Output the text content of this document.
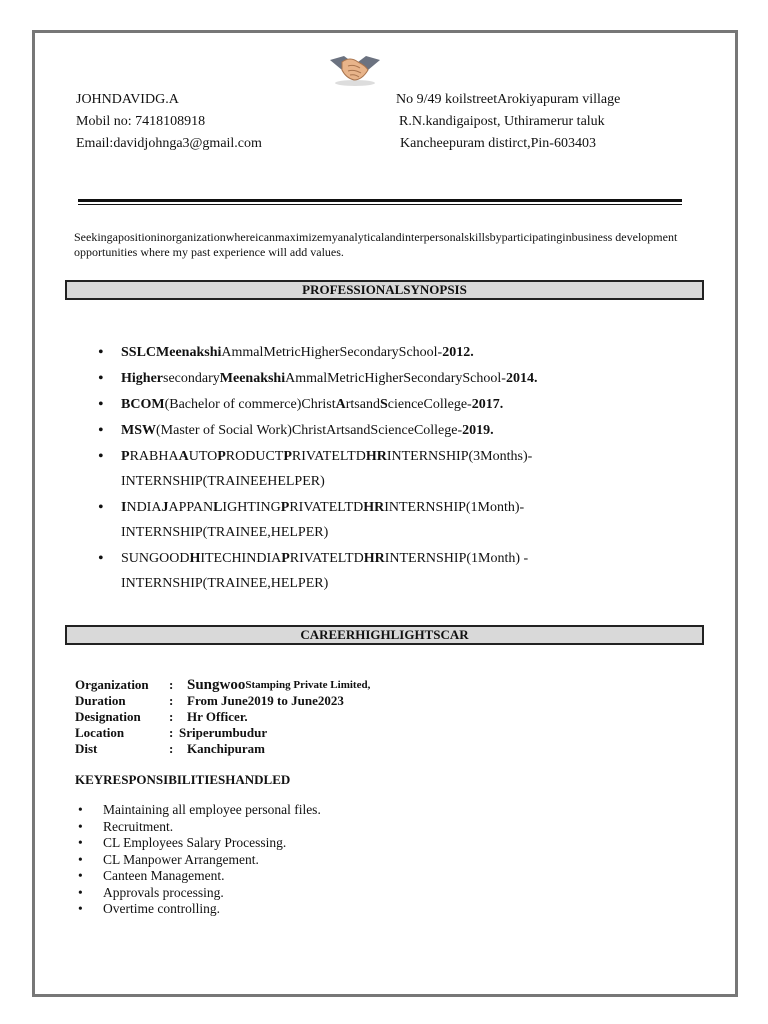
JOHNDAVIDG.A
Mobil no: 7418108918
Email:davidjohnga3@gmail.com
No 9/49 koilstreetArokiyapuram village
R.N.kandigaipost, Uthiramerur taluk
Kancheepuram distirct,Pin-603403
Seekingapositioninorganizationwhereicanmaximizemyanalyticalandinterpersonalskillsbyparticipatinginbusiness development opportunities where my past experience will add values.
PROFESSIONALSYNOPSIS
• SSLCMeenakshiAmmalMetricHigherSecondarySchool-2012.
• HighersecondaryMeenakshiAmmalMetricHigherSecondarySchool-2014.
• BCOM(Bachelor of commerce)ChristArtsandScienceCollege-2017.
• MSW(Master of Social Work)ChristArtsandScienceCollege-2019.
• PRABHAAUTOPRODUCTPRIVATELTDHRINTERNSHIP(3Months)-INTERNSHIP(TRAINEEHELPER)
• INDIAJAPPANLIGHTINGPRIVATELTDHRINTERNSHIP(1Month)-INTERNSHIP(TRAINEE,HELPER)
• SUNGOODHITECHINDIAPRIVATELTDHRINTERNSHIP(1Month) -INTERNSHIP(TRAINEE,HELPER)
CAREERHIGHLIGHTSCAR
Organization	: Sungwoo Stamping Private Limited,
Duration	:	From June2019 to June2023
Designation	:	Hr Officer.
Location	: Sriperumbudur
Dist	:	Kanchipuram
KEYRESPONSIBILITIESHANDLED
• Maintaining all employee personal files.
• Recruitment.
• CL Employees Salary Processing.
• CL Manpower Arrangement.
• Canteen Management.
• Approvals processing.
• Overtime controlling.
